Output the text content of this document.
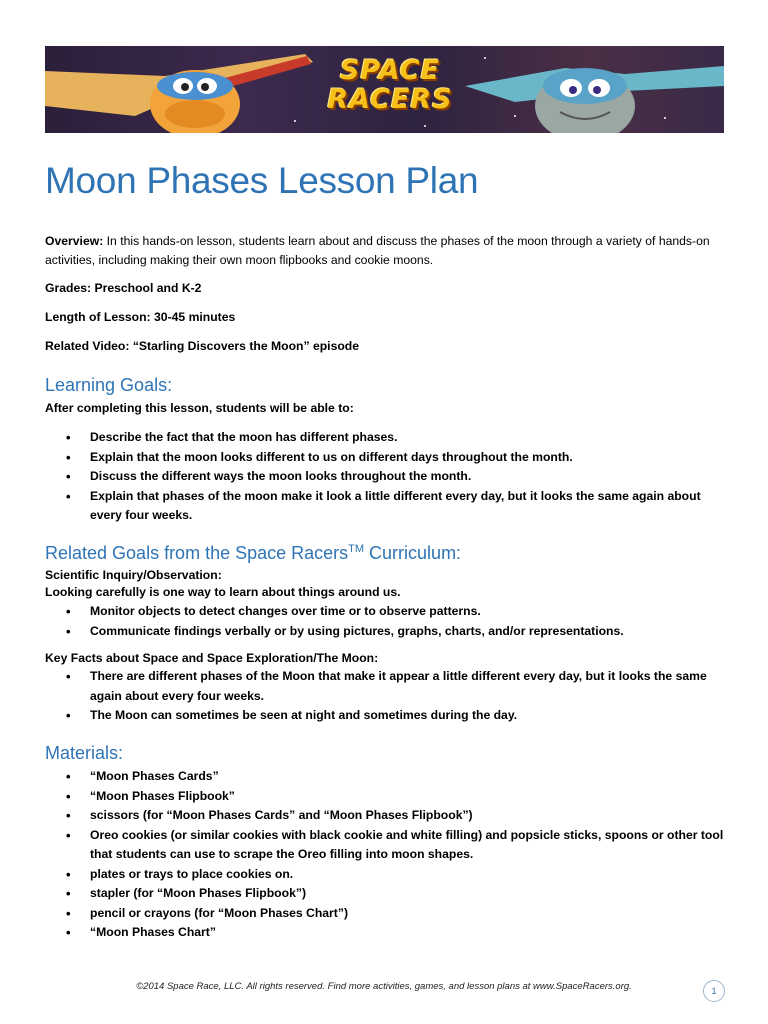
SPACE
RACERS
Moon Phases Lesson Plan
Overview: In this hands-on lesson, students learn about and discuss the phases of the moon through a variety of hands-on activities, including making their own moon flipbooks and cookie moons.
Grades: Preschool and K-2
Length of Lesson: 30-45 minutes
Related Video: “Starling Discovers the Moon” episode
Learning Goals:
After completing this lesson, students will be able to:
• Describe the fact that the moon has different phases.
• Explain that the moon looks different to us on different days throughout the month.
• Discuss the different ways the moon looks throughout the month.
• Explain that phases of the moon make it look a little different every day, but it looks the same again about every four weeks.
Related Goals from the Space Racers™ Curriculum:
Scientific Inquiry/Observation:
Looking carefully is one way to learn about things around us.
• Monitor objects to detect changes over time or to observe patterns.
• Communicate findings verbally or by using pictures, graphs, charts, and/or representations.
Key Facts about Space and Space Exploration/The Moon:
• There are different phases of the Moon that make it appear a little different every day, but it looks the same again about every four weeks.
• The Moon can sometimes be seen at night and sometimes during the day.
Materials:
• “Moon Phases Cards”
• “Moon Phases Flipbook”
• scissors (for “Moon Phases Cards” and “Moon Phases Flipbook”)
• Oreo cookies (or similar cookies with black cookie and white filling) and popsicle sticks, spoons or other tool that students can use to scrape the Oreo filling into moon shapes.
• plates or trays to place cookies on.
• stapler (for “Moon Phases Flipbook”)
• pencil or crayons (for “Moon Phases Chart”)
• “Moon Phases Chart”
©2014 Space Race, LLC. All rights reserved. Find more activities, games, and lesson plans at www.SpaceRacers.org.	1
